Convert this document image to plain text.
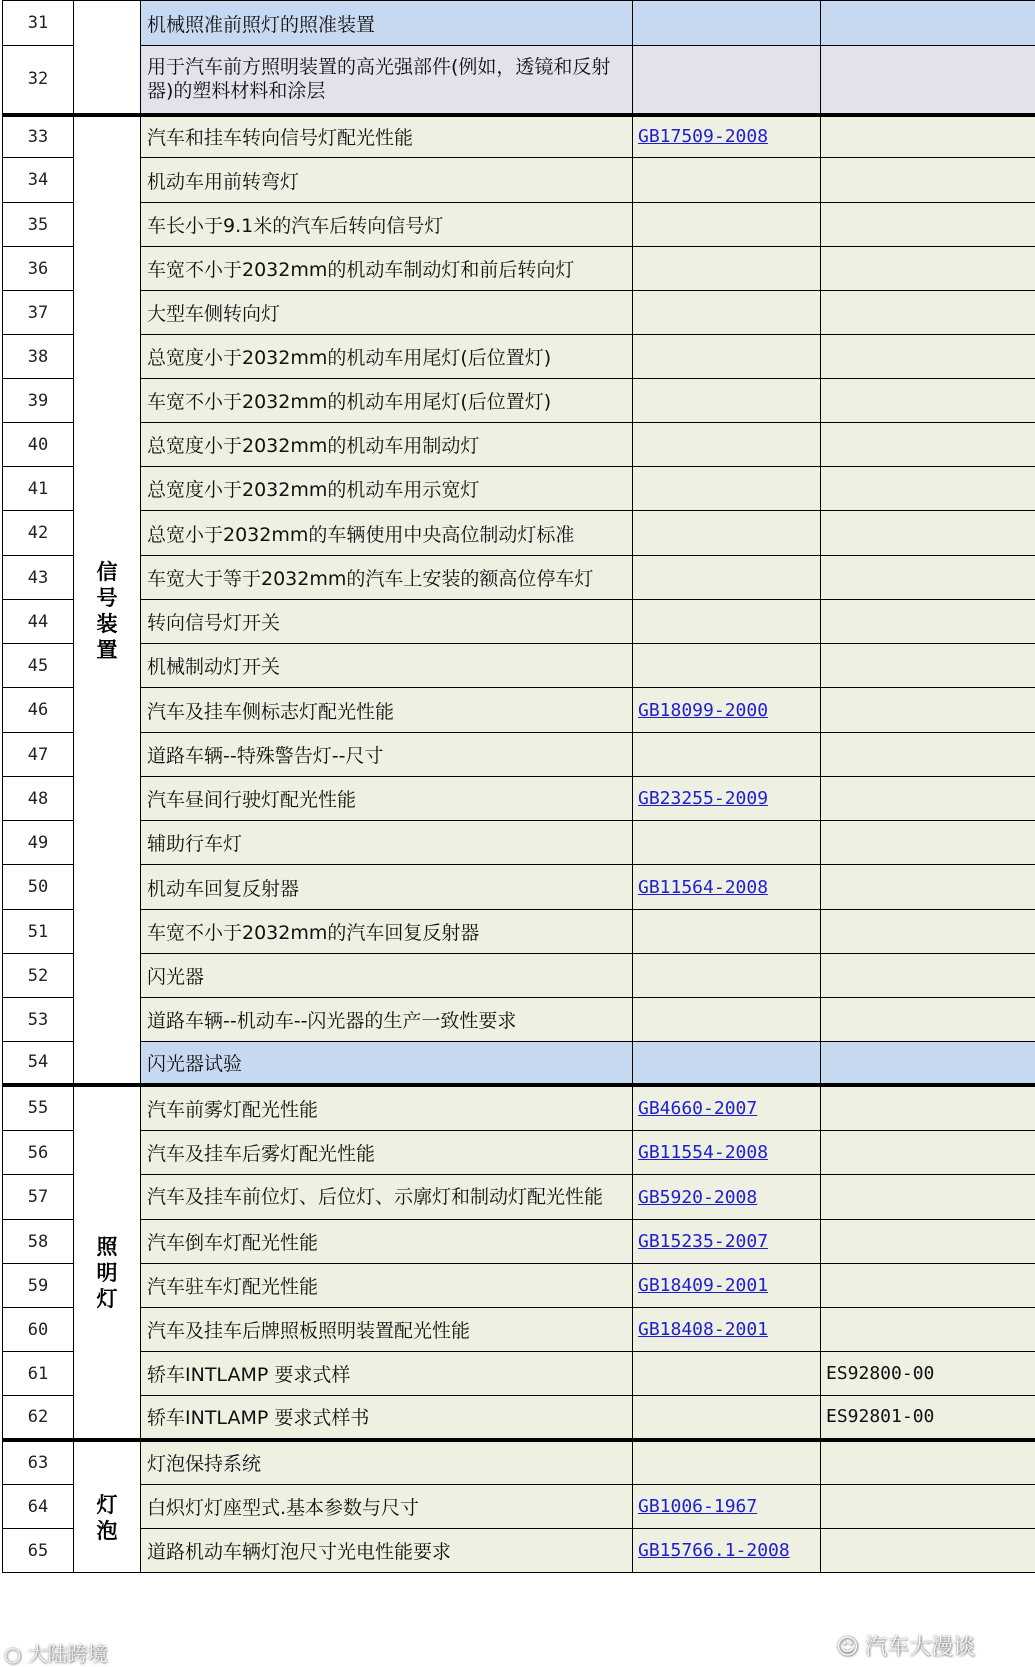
31		机械照准前照灯的照准装置		
32		用于汽车前方照明装置的高光强部件(例如，透镜和反射器)的塑料材料和涂层		
33	信号装置	汽车和挂车转向信号灯配光性能	GB17509-2008	
34		机动车用前转弯灯		
35		车长小于9.1米的汽车后转向信号灯		
36		车宽不小于2032mm的机动车制动灯和前后转向灯		
37		大型车侧转向灯		
38		总宽度小于2032mm的机动车用尾灯(后位置灯)		
39		车宽不小于2032mm的机动车用尾灯(后位置灯)		
40		总宽度小于2032mm的机动车用制动灯		
41		总宽度小于2032mm的机动车用示宽灯		
42		总宽小于2032mm的车辆使用中央高位制动灯标准		
43		车宽大于等于2032mm的汽车上安装的额高位停车灯		
44		转向信号灯开关		
45		机械制动灯开关		
46		汽车及挂车侧标志灯配光性能	GB18099-2000	
47		道路车辆--特殊警告灯--尺寸		
48		汽车昼间行驶灯配光性能	GB23255-2009	
49		辅助行车灯		
50		机动车回复反射器	GB11564-2008	
51		车宽不小于2032mm的汽车回复反射器		
52		闪光器		
53		道路车辆--机动车--闪光器的生产一致性要求		
54		闪光器试验		
55	照明灯	汽车前雾灯配光性能	GB4660-2007	
56		汽车及挂车后雾灯配光性能	GB11554-2008	
57		汽车及挂车前位灯、后位灯、示廓灯和制动灯配光性能	GB5920-2008	
58		汽车倒车灯配光性能	GB15235-2007	
59		汽车驻车灯配光性能	GB18409-2001	
60		汽车及挂车后牌照板照明装置配光性能	GB18408-2001	
61		轿车INTLAMP 要求式样		ES92800-00
62		轿车INTLAMP 要求式样书		ES92801-00
63	灯泡	灯泡保持系统		
64		白炽灯灯座型式.基本参数与尺寸	GB1006-1967	
65		道路机动车辆灯泡尺寸光电性能要求	GB15766.1-2008	
○ 大陆跨境	☺ 汽车大漫谈
